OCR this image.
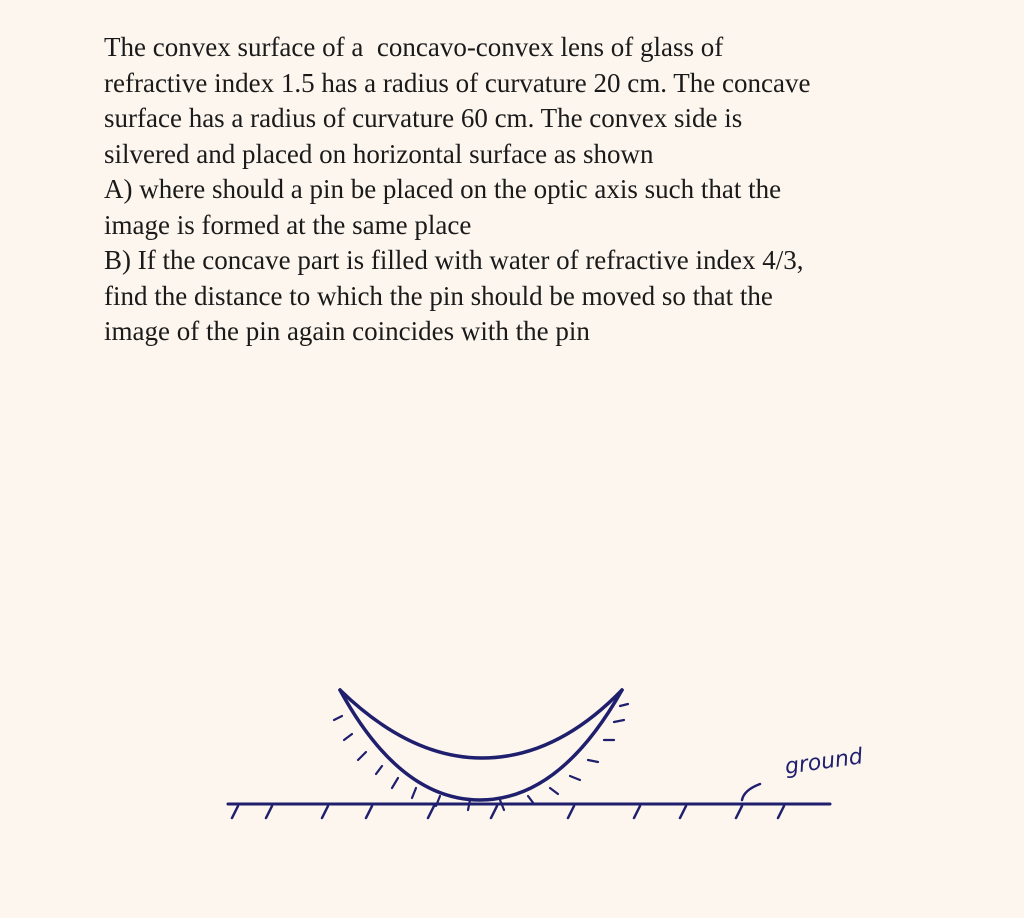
The convex surface of a  concavo-convex lens of glass of

refractive index 1.5 has a radius of curvature 20 cm. The concave

surface has a radius of curvature 60 cm. The convex side is

silvered and placed on horizontal surface as shown

A) where should a pin be placed on the optic axis such that the

image is formed at the same place

B) If the concave part is filled with water of refractive index 4/3,

find the distance to which the pin should be moved so that the

image of the pin again coincides with the pin

ground
